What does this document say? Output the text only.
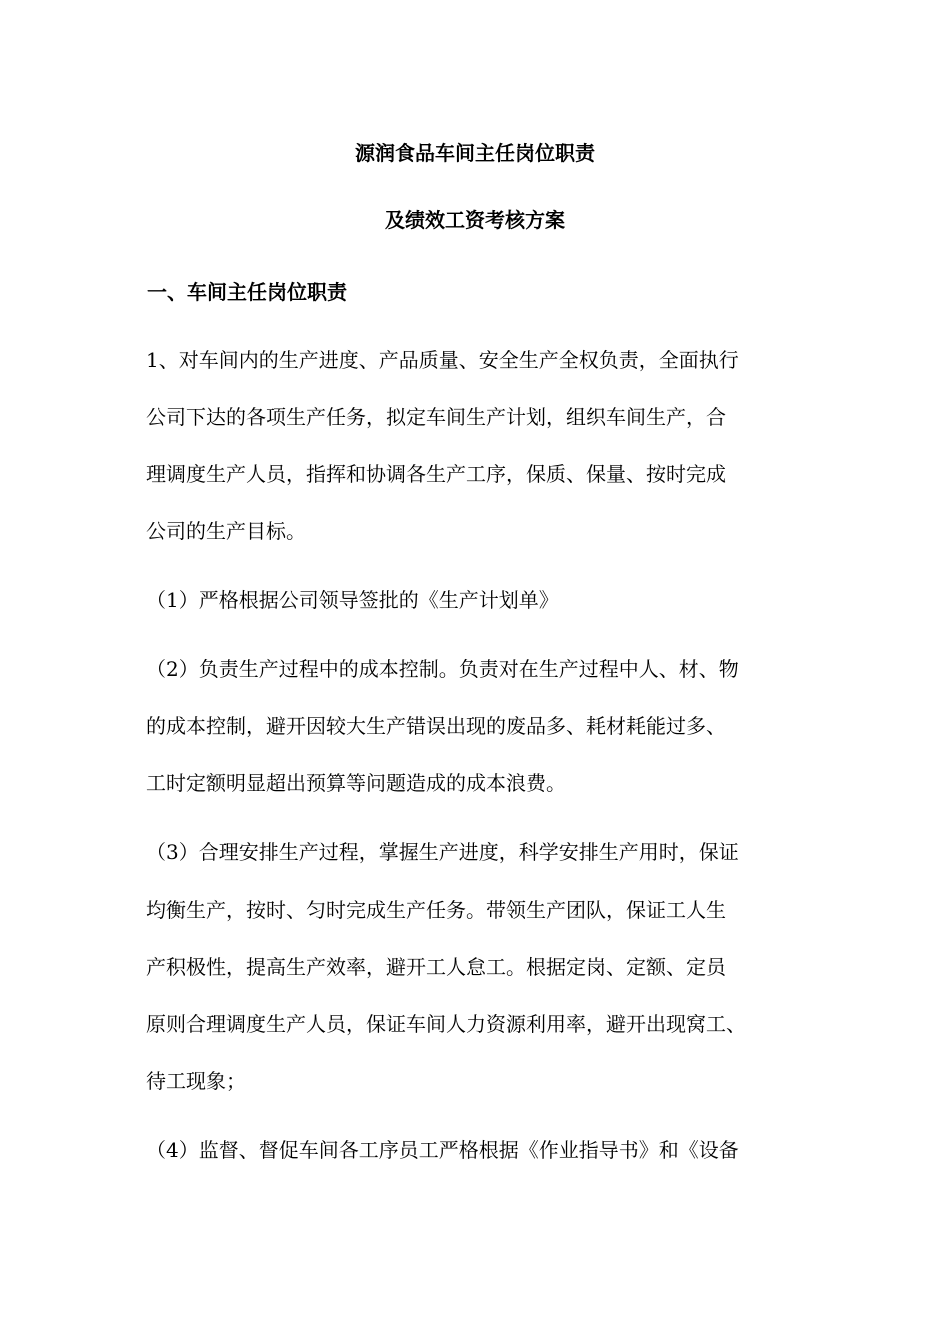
源润食品车间主任岗位职责
及绩效工资考核方案
一、车间主任岗位职责
1、对车间内的生产进度、产品质量、安全生产全权负责，全面执行
公司下达的各项生产任务，拟定车间生产计划，组织车间生产，合
理调度生产人员，指挥和协调各生产工序，保质、保量、按时完成
公司的生产目标。
（1）严格根据公司领导签批的《生产计划单》
（2）负责生产过程中的成本控制。负责对在生产过程中人、材、物
的成本控制，避开因较大生产错误出现的废品多、耗材耗能过多、
工时定额明显超出预算等问题造成的成本浪费。
（3）合理安排生产过程，掌握生产进度，科学安排生产用时，保证
均衡生产，按时、匀时完成生产任务。带领生产团队，保证工人生
产积极性，提高生产效率，避开工人怠工。根据定岗、定额、定员
原则合理调度生产人员，保证车间人力资源利用率，避开出现窝工、
待工现象；
（4）监督、督促车间各工序员工严格根据《作业指导书》和《设备
